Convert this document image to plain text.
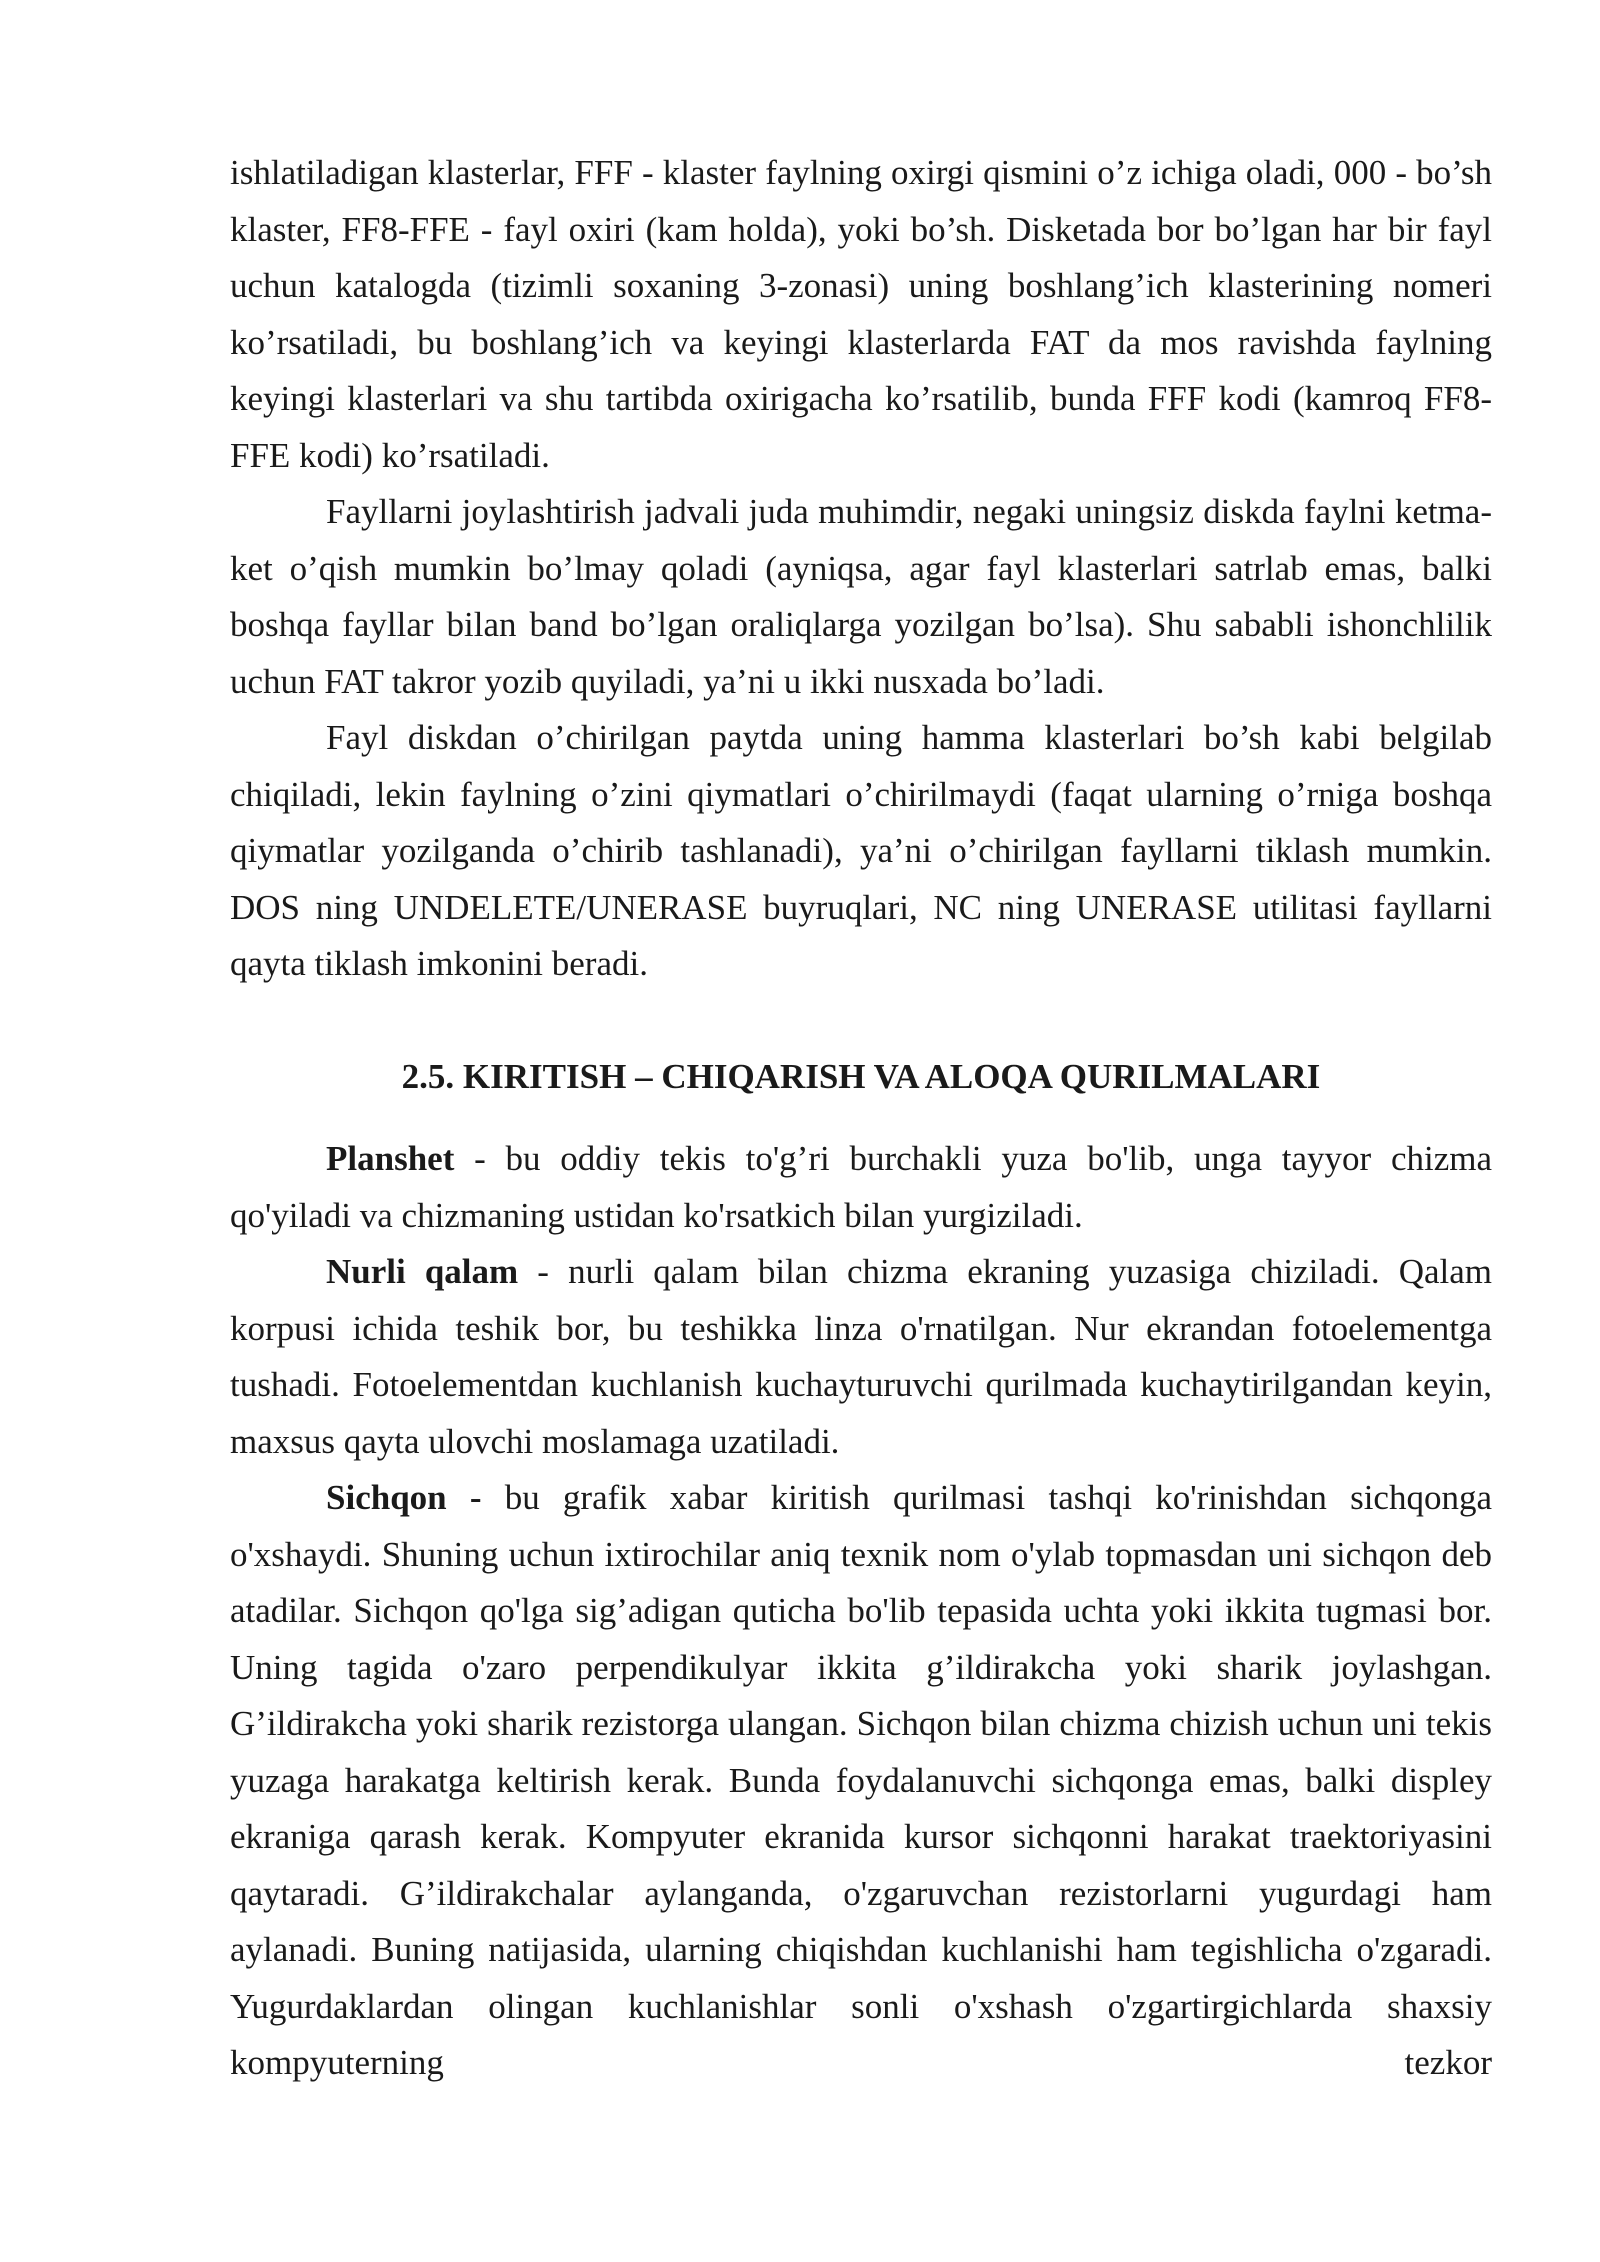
ishlatiladigan klasterlar, FFF - klaster faylning oxirgi qismini o’z ichiga oladi, 000 - bo’sh klaster, FF8-FFE - fayl oxiri (kam holda), yoki bo’sh. Disketada bor bo’lgan har bir fayl uchun katalogda (tizimli soxaning 3-zonasi) uning boshlang’ich klasterining nomeri ko’rsatiladi, bu boshlang’ich va keyingi klasterlarda FAT da mos ravishda faylning keyingi klasterlari va shu tartibda oxirigacha ko’rsatilib, bunda FFF kodi (kamroq FF8-FFE kodi) ko’rsatiladi.

Fayllarni joylashtirish jadvali juda muhimdir, negaki uningsiz diskda faylni ketma-ket o’qish mumkin bo’lmay qoladi (ayniqsa, agar fayl klasterlari satrlab emas, balki boshqa fayllar bilan band bo’lgan oraliqlarga yozilgan bo’lsa). Shu sababli ishonchlilik uchun FAT takror yozib quyiladi, ya’ni u ikki nusxada bo’ladi.

Fayl diskdan o’chirilgan paytda uning hamma klasterlari bo’sh kabi belgilab chiqiladi, lekin faylning o’zini qiymatlari o’chirilmaydi (faqat ularning o’rniga boshqa qiymatlar yozilganda o’chirib tashlanadi), ya’ni o’chirilgan fayllarni tiklash mumkin. DOS ning UNDELETE/UNERASE buyruqlari, NC ning UNERASE utilitasi fayllarni qayta tiklash imkonini beradi.

2.5. KIRITISH – CHIQARISH VA ALOQA QURILMALARI

Planshet - bu oddiy tekis to'g’ri burchakli yuza bo'lib, unga tayyor chizma qo'yiladi va chizmaning ustidan ko'rsatkich bilan yurgiziladi.

Nurli qalam - nurli qalam bilan chizma ekraning yuzasiga chiziladi. Qalam korpusi ichida teshik bor, bu teshikka linza o'rnatilgan. Nur ekrandan fotoelementga tushadi. Fotoelementdan kuchlanish kuchayturuvchi qurilmada kuchaytirilgandan keyin, maxsus qayta ulovchi moslamaga uzatiladi.

Sichqon - bu grafik xabar kiritish qurilmasi tashqi ko'rinishdan sichqonga o'xshaydi. Shuning uchun ixtirochilar aniq texnik nom o'ylab topmasdan uni sichqon deb atadilar. Sichqon qo'lga sig’adigan quticha bo'lib tepasida uchta yoki ikkita tugmasi bor. Uning tagida o'zaro perpendikulyar ikkita g’ildirakcha yoki sharik joylashgan. G’ildirakcha yoki sharik rezistorga ulangan. Sichqon bilan chizma chizish uchun uni tekis yuzaga harakatga keltirish kerak. Bunda foydalanuvchi sichqonga emas, balki displey ekraniga qarash kerak. Kompyuter ekranida kursor sichqonni harakat traektoriyasini qaytaradi. G’ildirakchalar aylanganda, o'zgaruvchan rezistorlarni yugurdagi ham aylanadi. Buning natijasida, ularning chiqishdan kuchlanishi ham tegishlicha o'zgaradi. Yugurdaklardan olingan kuchlanishlar sonli o'xshash o'zgartirgichlarda shaxsiy kompyuterning tezkor
